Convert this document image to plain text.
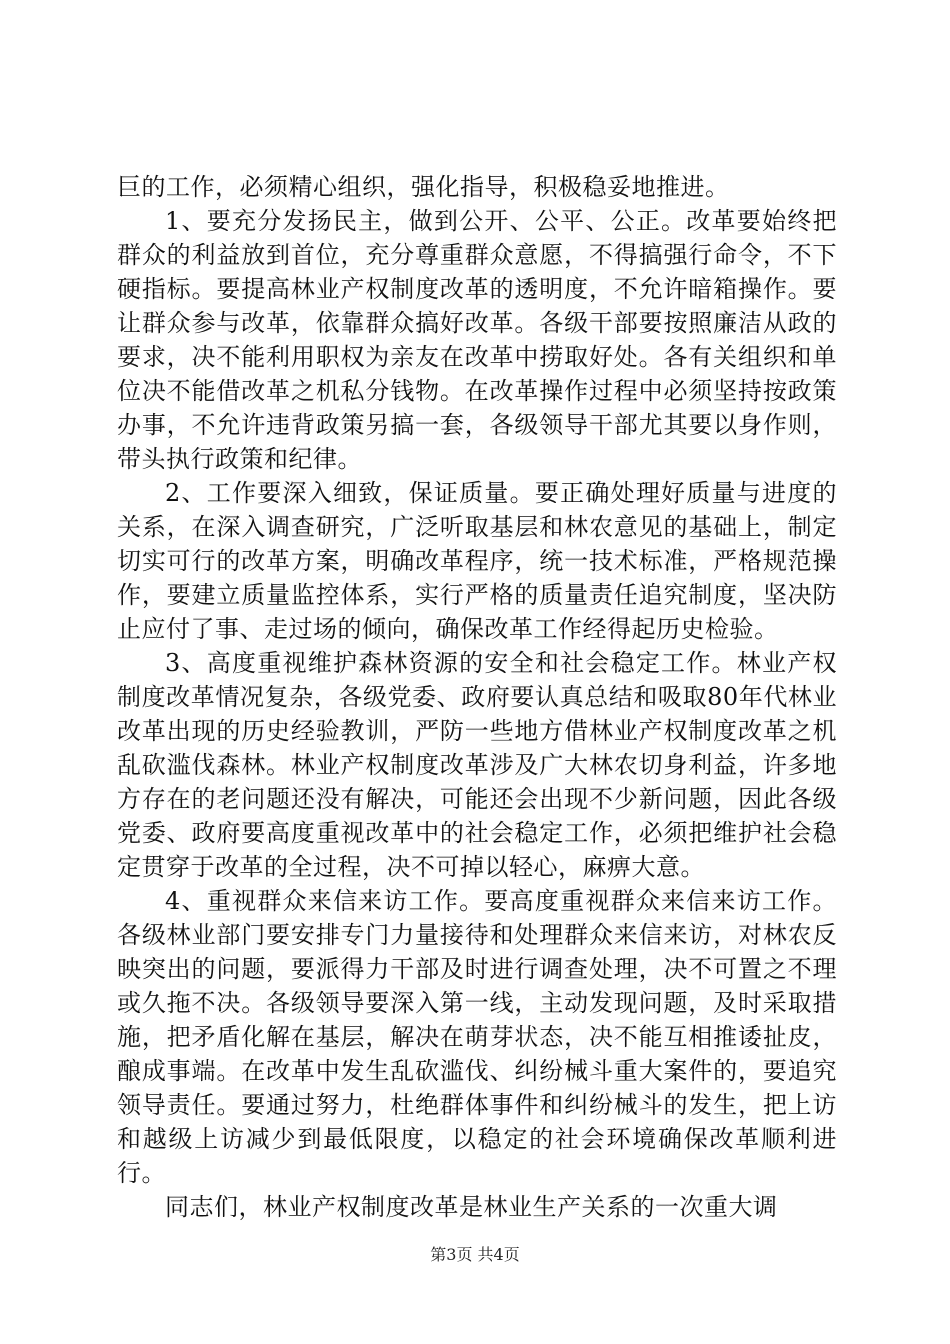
巨的工作，必须精心组织，强化指导，积极稳妥地推进。

1、要充分发扬民主，做到公开、公平、公正。改革要始终把群众的利益放到首位，充分尊重群众意愿，不得搞强行命令，不下硬指标。要提高林业产权制度改革的透明度，不允许暗箱操作。要让群众参与改革，依靠群众搞好改革。各级干部要按照廉洁从政的要求，决不能利用职权为亲友在改革中捞取好处。各有关组织和单位决不能借改革之机私分钱物。在改革操作过程中必须坚持按政策办事，不允许违背政策另搞一套，各级领导干部尤其要以身作则，带头执行政策和纪律。

2、工作要深入细致，保证质量。要正确处理好质量与进度的关系，在深入调查研究，广泛听取基层和林农意见的基础上，制定切实可行的改革方案，明确改革程序，统一技术标准，严格规范操作，要建立质量监控体系，实行严格的质量责任追究制度，坚决防止应付了事、走过场的倾向，确保改革工作经得起历史检验。

3、高度重视维护森林资源的安全和社会稳定工作。林业产权制度改革情况复杂，各级党委、政府要认真总结和吸取80年代林业改革出现的历史经验教训，严防一些地方借林业产权制度改革之机乱砍滥伐森林。林业产权制度改革涉及广大林农切身利益，许多地方存在的老问题还没有解决，可能还会出现不少新问题，因此各级党委、政府要高度重视改革中的社会稳定工作，必须把维护社会稳定贯穿于改革的全过程，决不可掉以轻心，麻痹大意。

4、重视群众来信来访工作。要高度重视群众来信来访工作。各级林业部门要安排专门力量接待和处理群众来信来访，对林农反映突出的问题，要派得力干部及时进行调查处理，决不可置之不理或久拖不决。各级领导要深入第一线，主动发现问题，及时采取措施，把矛盾化解在基层，解决在萌芽状态，决不能互相推诿扯皮，酿成事端。在改革中发生乱砍滥伐、纠纷械斗重大案件的，要追究领导责任。要通过努力，杜绝群体事件和纠纷械斗的发生，把上访和越级上访减少到最低限度，以稳定的社会环境确保改革顺利进行。

同志们，林业产权制度改革是林业生产关系的一次重大调

第3页 共4页
